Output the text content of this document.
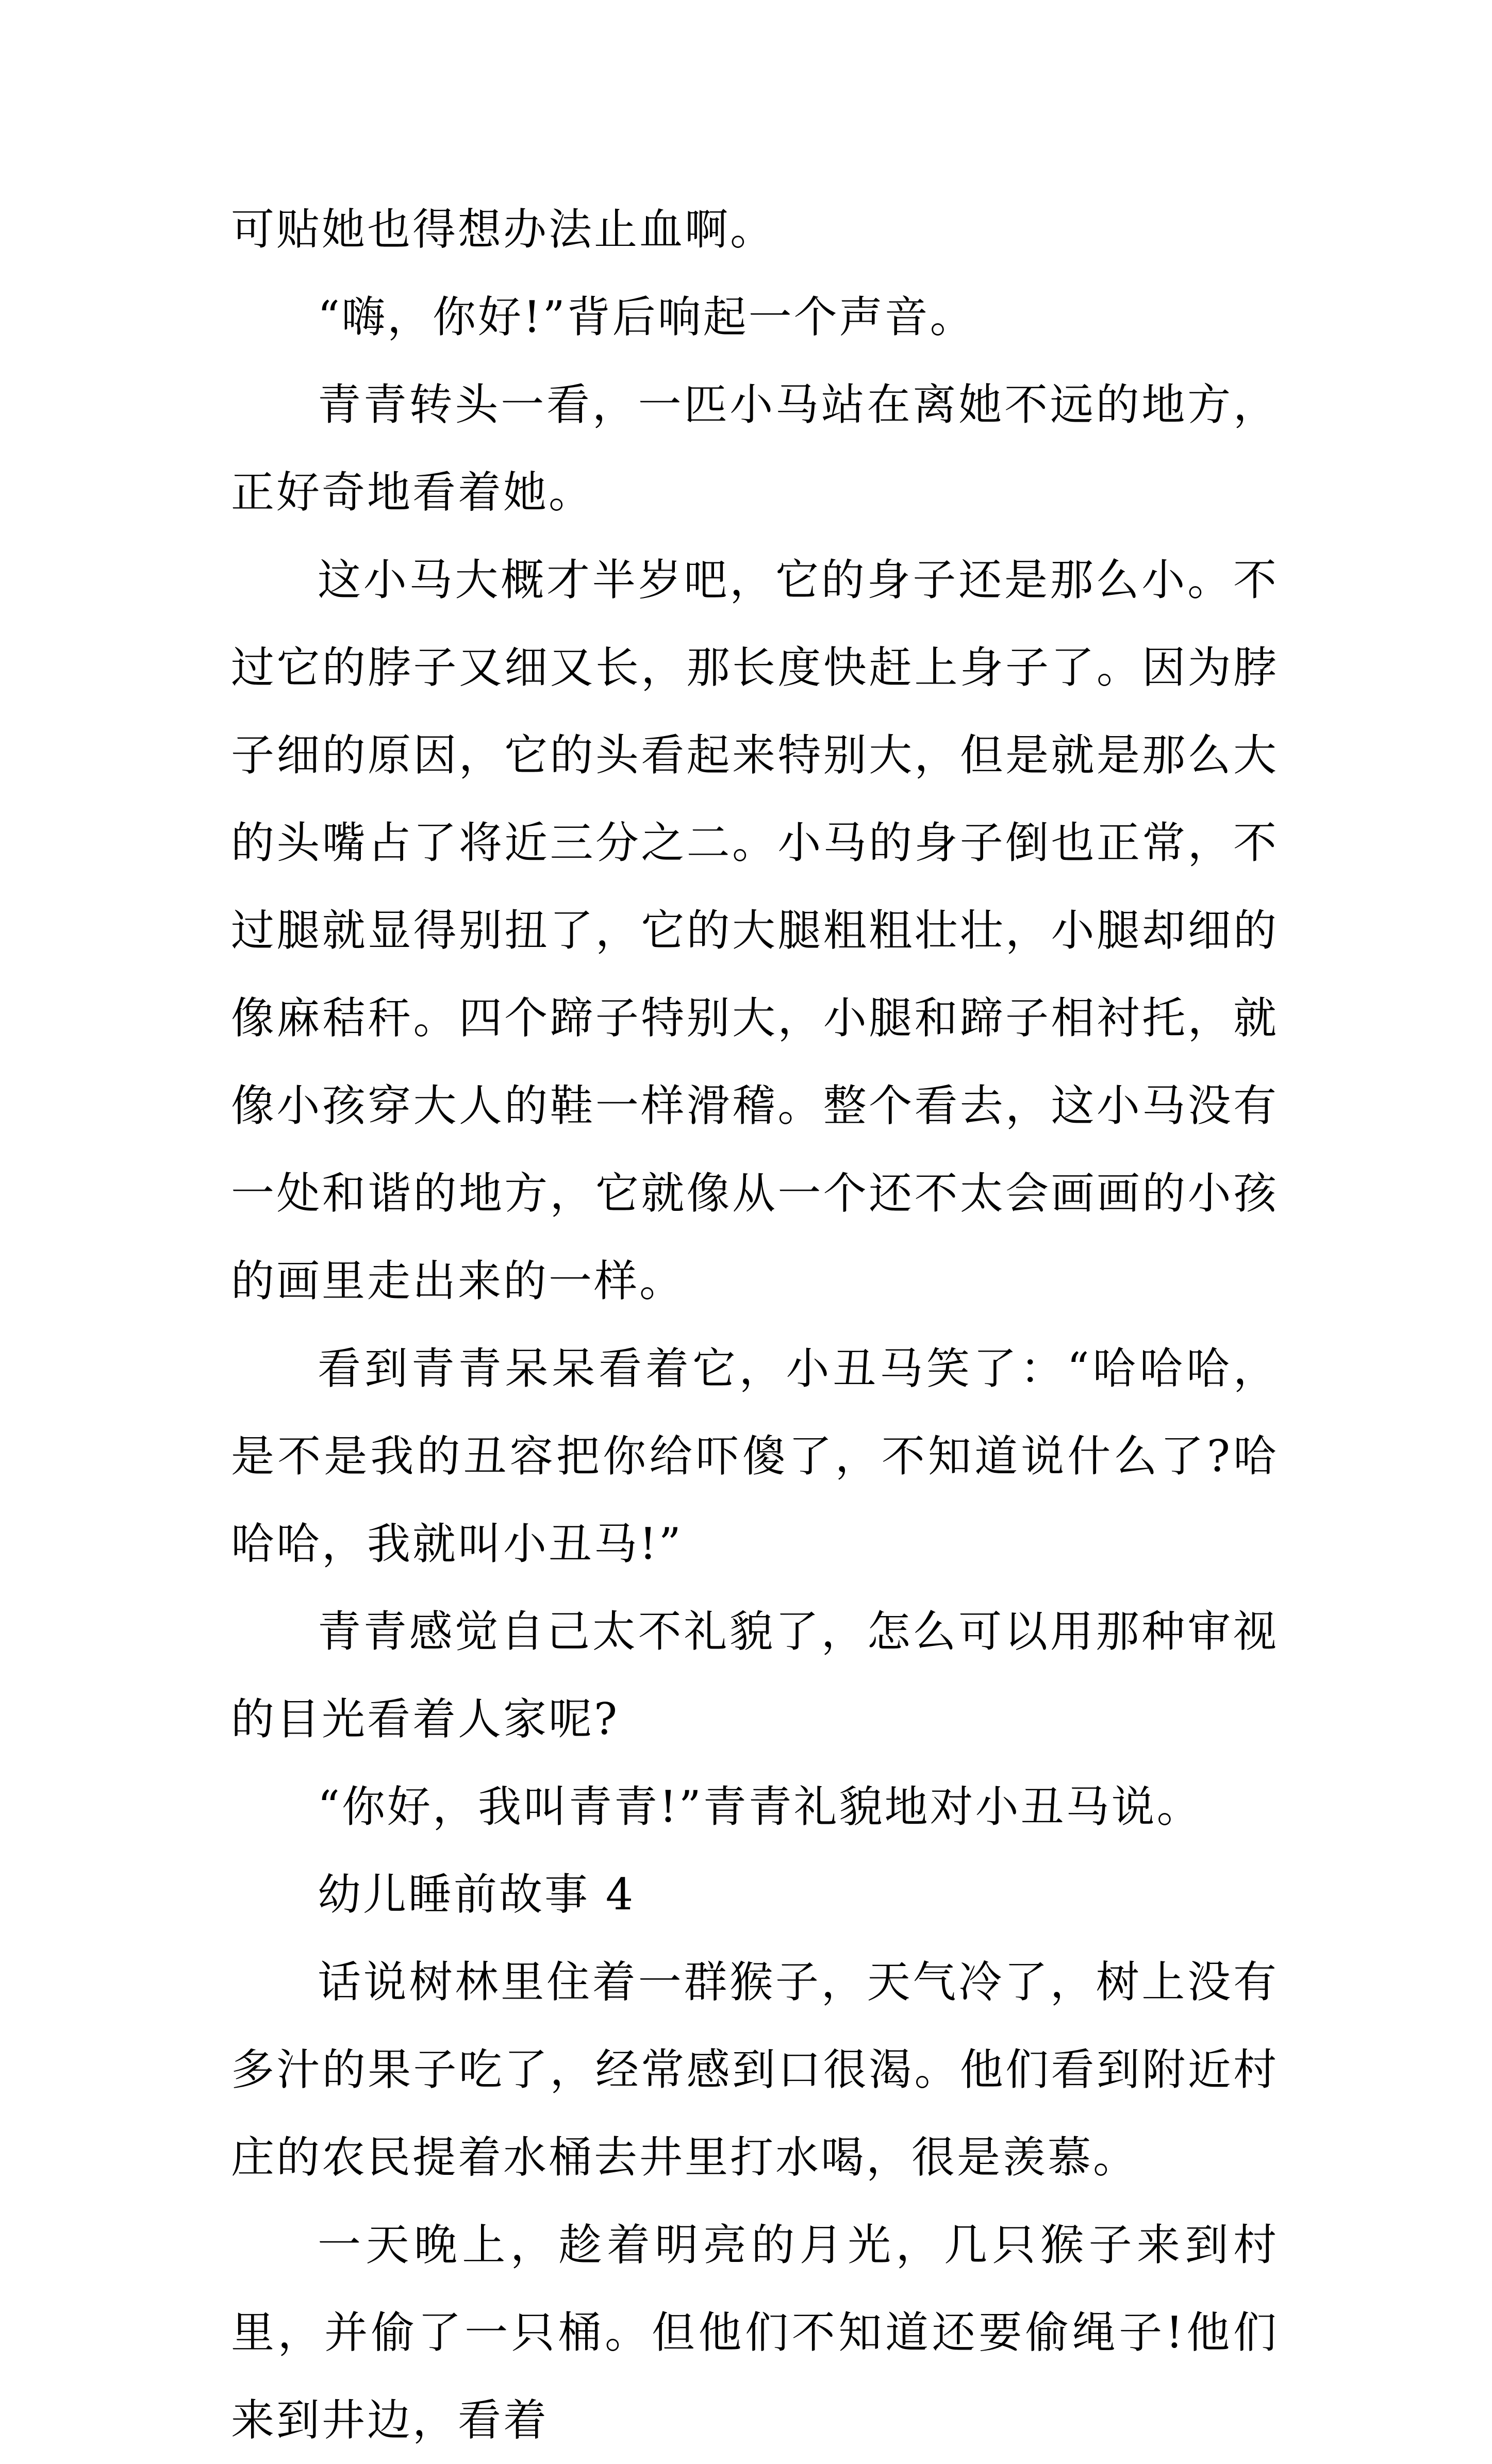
可贴她也得想办法止血啊。

“嗨，你好!”背后响起一个声音。

青青转头一看，一匹小马站在离她不远的地方，正好奇地看着她。

这小马大概才半岁吧，它的身子还是那么小。不过它的脖子又细又长，那长度快赶上身子了。因为脖子细的原因，它的头看起来特别大，但是就是那么大的头嘴占了将近三分之二。小马的身子倒也正常，不过腿就显得别扭了，它的大腿粗粗壮壮，小腿却细的像麻秸秆。四个蹄子特别大，小腿和蹄子相衬托，就像小孩穿大人的鞋一样滑稽。整个看去，这小马没有一处和谐的地方，它就像从一个还不太会画画的小孩的画里走出来的一样。

看到青青呆呆看着它，小丑马笑了：“哈哈哈，是不是我的丑容把你给吓傻了，不知道说什么了?哈哈哈，我就叫小丑马!”

青青感觉自己太不礼貌了，怎么可以用那种审视的目光看着人家呢?

“你好，我叫青青!”青青礼貌地对小丑马说。

幼儿睡前故事 4

话说树林里住着一群猴子，天气冷了，树上没有多汁的果子吃了，经常感到口很渴。他们看到附近村庄的农民提着水桶去井里打水喝，很是羡慕。

一天晚上，趁着明亮的月光，几只猴子来到村里，并偷了一只桶。但他们不知道还要偷绳子!他们来到井边，看着
